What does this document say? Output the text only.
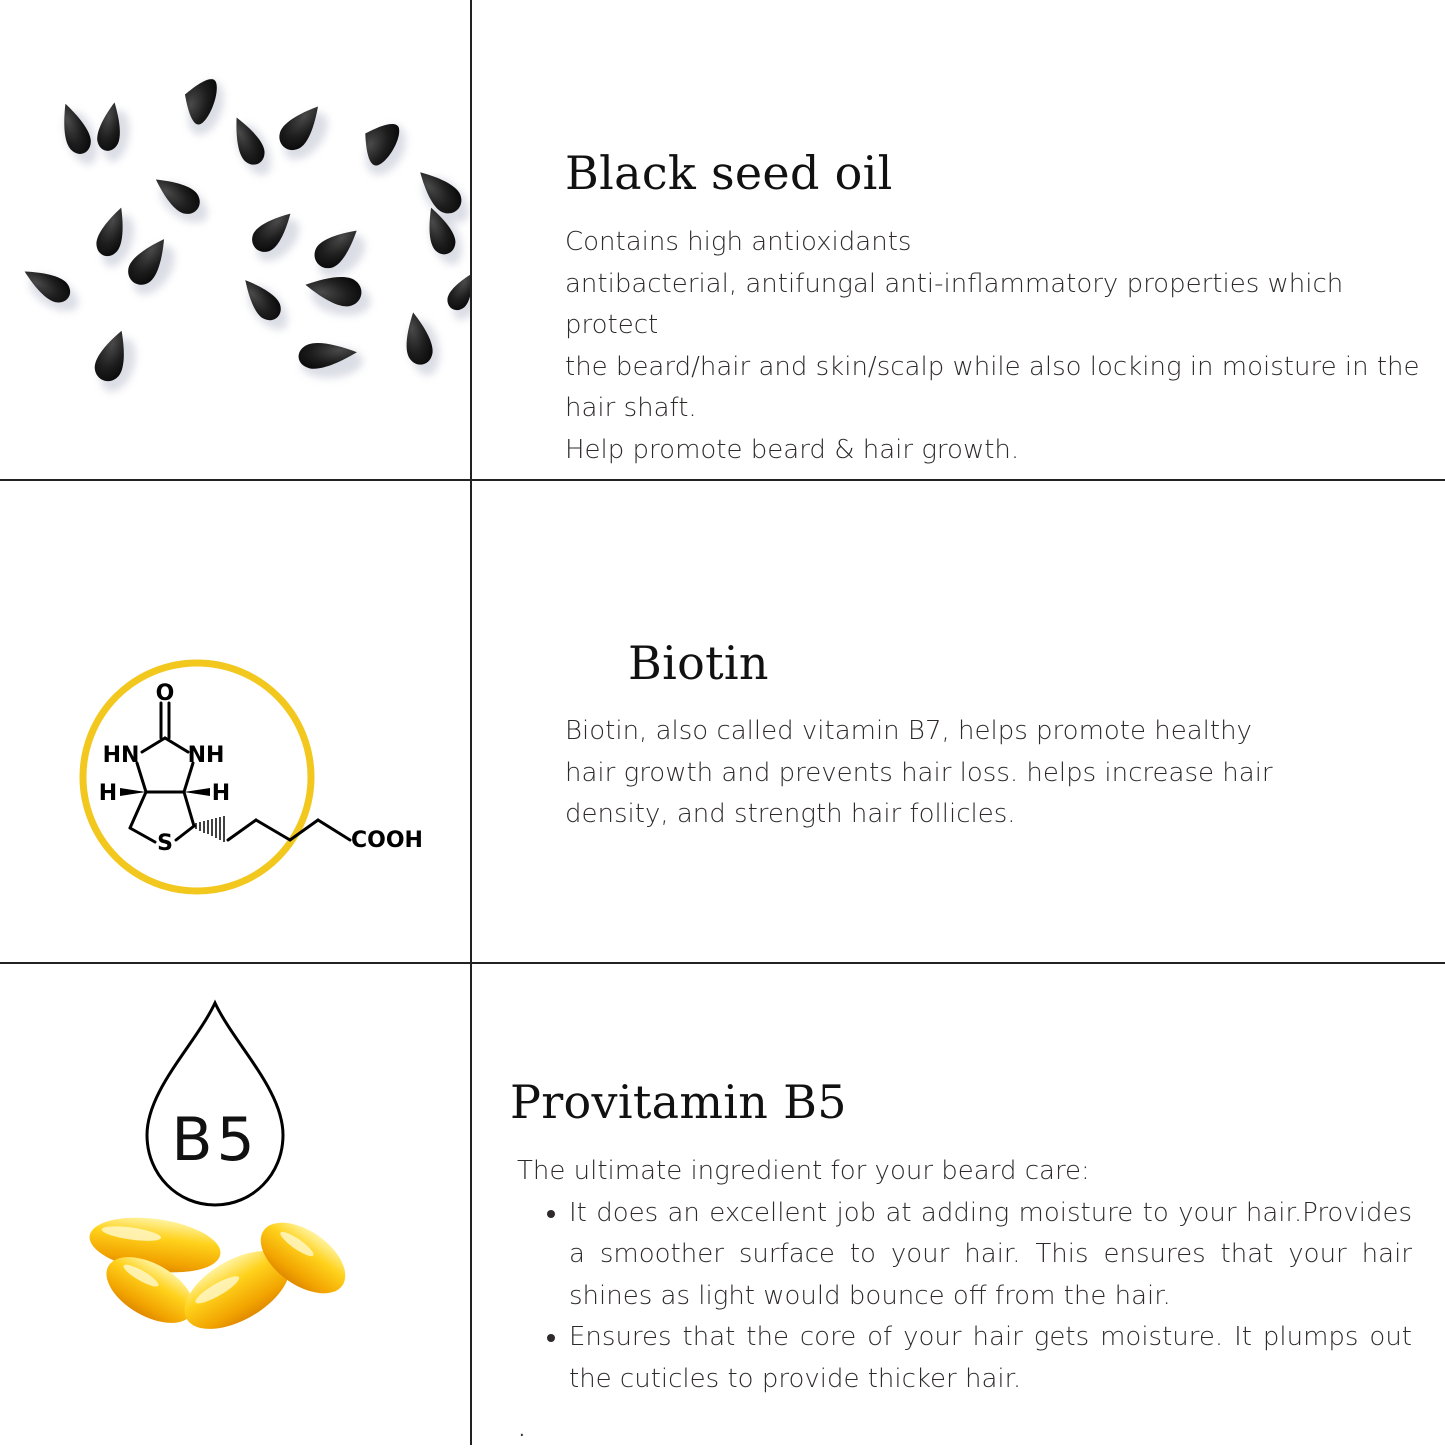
Black seed oil
Contains high antioxidants
antibacterial, antifungal anti-inflammatory properties which protect
the beard/hair and skin/scalp while also locking in moisture in the
hair shaft.
Help promote beard & hair growth.
O
HN NH
H	H
S	COOH
Biotin
Biotin, also called vitamin B7, helps promote healthy
hair growth and prevents hair loss. helps increase hair
density, and strength hair follicles.
B5
Provitamin B5

The ultimate ingredient for your beard care:

• It does an excellent job at adding moisture to your hair.Provides a smoother surface to your hair. This ensures that your hair shines as light would bounce off from the hair.
• Ensures that the core of your hair gets moisture. It plumps out the cuticles to provide thicker hair.
.
